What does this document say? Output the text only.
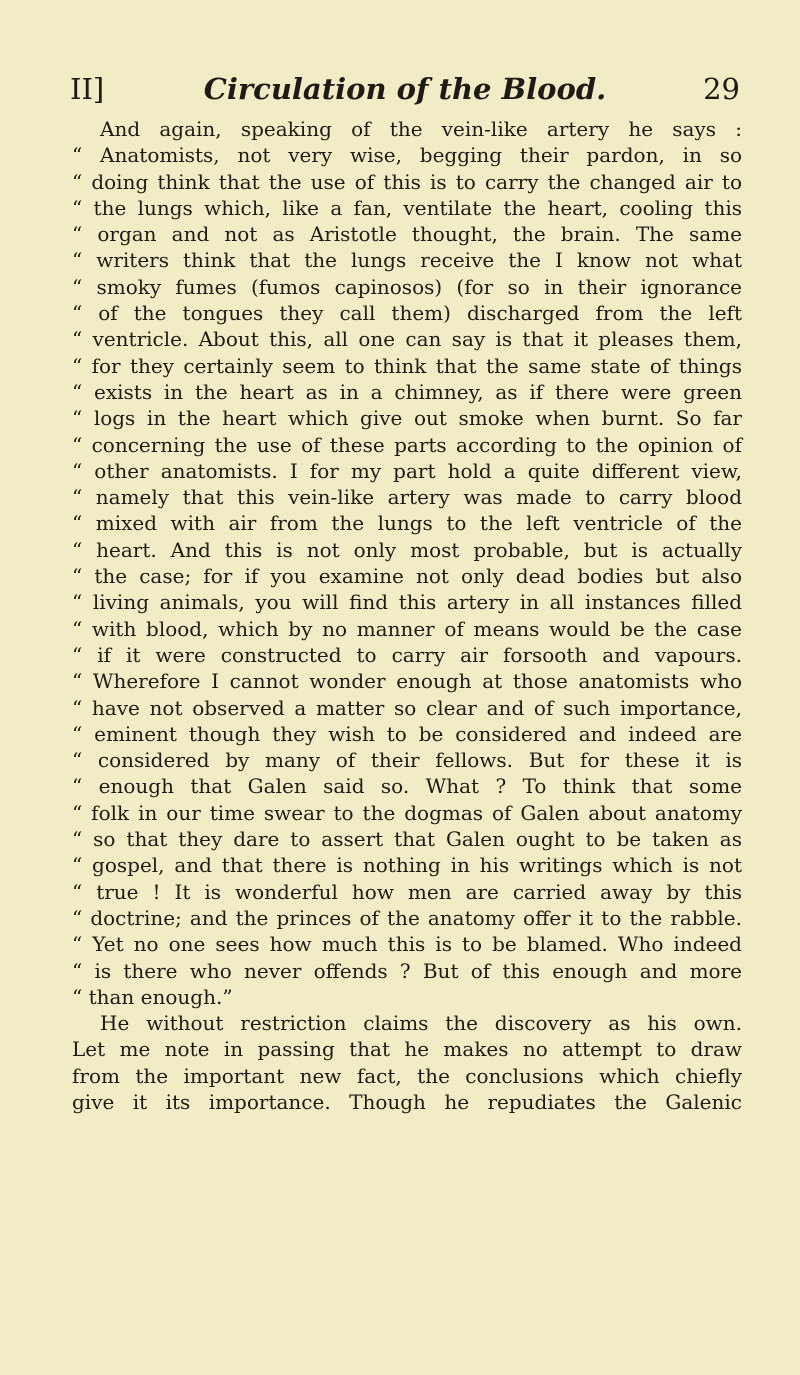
II]	Circulation of the Blood.	29
And again, speaking of the vein-like artery he says :
“ Anatomists, not very wise, begging their pardon, in so
“ doing think that the use of this is to carry the changed air to
“ the lungs which, like a fan, ventilate the heart, cooling this
“ organ and not as Aristotle thought, the brain. The same
“ writers think that the lungs receive the I know not what
“ smoky fumes (fumos capinosos) (for so in their ignorance
“ of the tongues they call them) discharged from the left
“ ventricle. About this, all one can say is that it pleases them,
“ for they certainly seem to think that the same state of things
“ exists in the heart as in a chimney, as if there were green
“ logs in the heart which give out smoke when burnt. So far
“ concerning the use of these parts according to the opinion of
“ other anatomists. I for my part hold a quite different view,
“ namely that this vein-like artery was made to carry blood
“ mixed with air from the lungs to the left ventricle of the
“ heart. And this is not only most probable, but is actually
“ the case; for if you examine not only dead bodies but also
“ living animals, you will find this artery in all instances filled
“ with blood, which by no manner of means would be the case
“ if it were constructed to carry air forsooth and vapours.
“ Wherefore I cannot wonder enough at those anatomists who
“ have not observed a matter so clear and of such importance,
“ eminent though they wish to be considered and indeed are
“ considered by many of their fellows. But for these it is
“ enough that Galen said so. What ? To think that some
“ folk in our time swear to the dogmas of Galen about anatomy
“ so that they dare to assert that Galen ought to be taken as
“ gospel, and that there is nothing in his writings which is not
“ true ! It is wonderful how men are carried away by this
“ doctrine; and the princes of the anatomy offer it to the rabble.
“ Yet no one sees how much this is to be blamed. Who indeed
“ is there who never offends ? But of this enough and more
“ than enough.”
He without restriction claims the discovery as his own.
Let me note in passing that he makes no attempt to draw
from the important new fact, the conclusions which chiefly
give it its importance. Though he repudiates the Galenic
